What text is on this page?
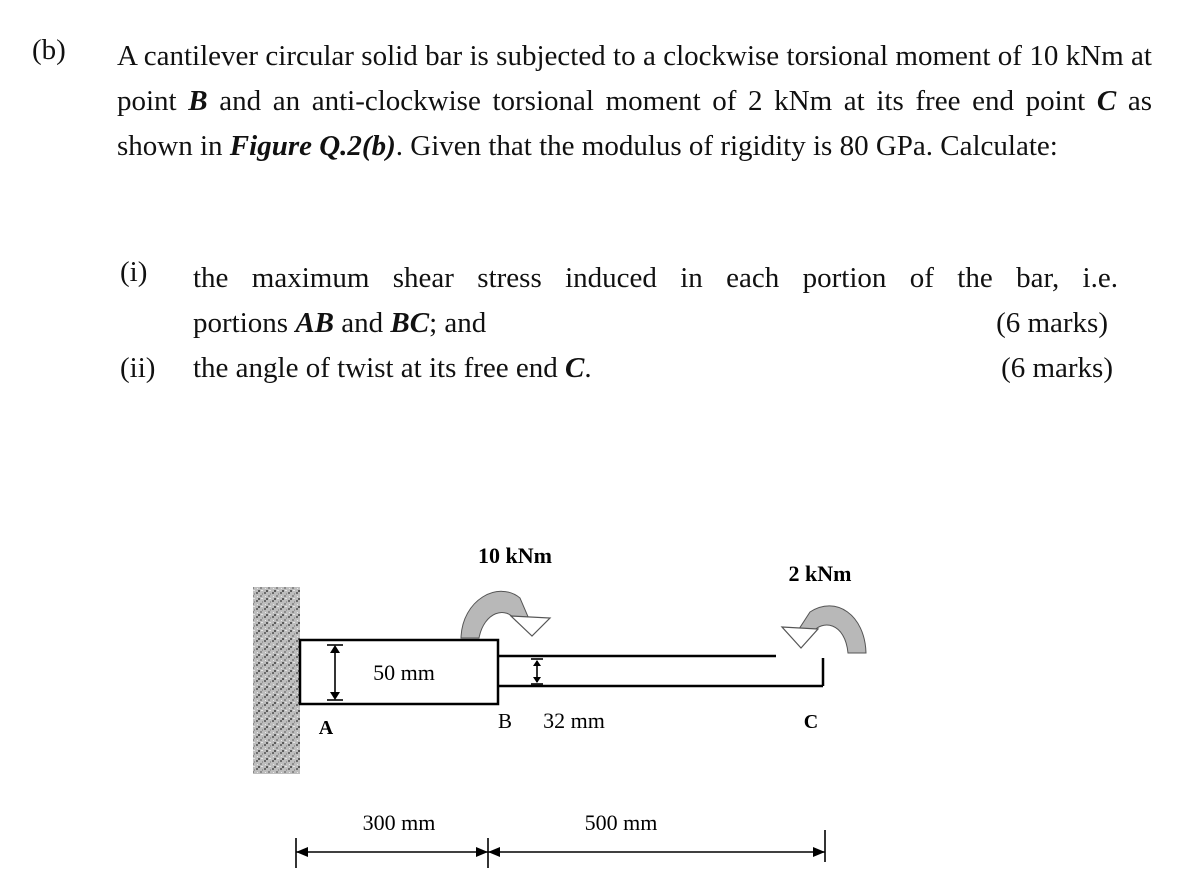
(b) A cantilever circular solid bar is subjected to a clockwise torsional moment of 10 kNm at point B and an anti-clockwise torsional moment of 2 kNm at its free end point C as shown in Figure Q.2(b). Given that the modulus of rigidity is 80 GPa. Calculate:
(i) the maximum shear stress induced in each portion of the bar, i.e.
portions AB and BC; and	(6 marks)
(ii) the angle of twist at its free end C.	(6 marks)
50 mm
A	B 32 mm	C
10 kNm
2 kNm
300 mm	500 mm
